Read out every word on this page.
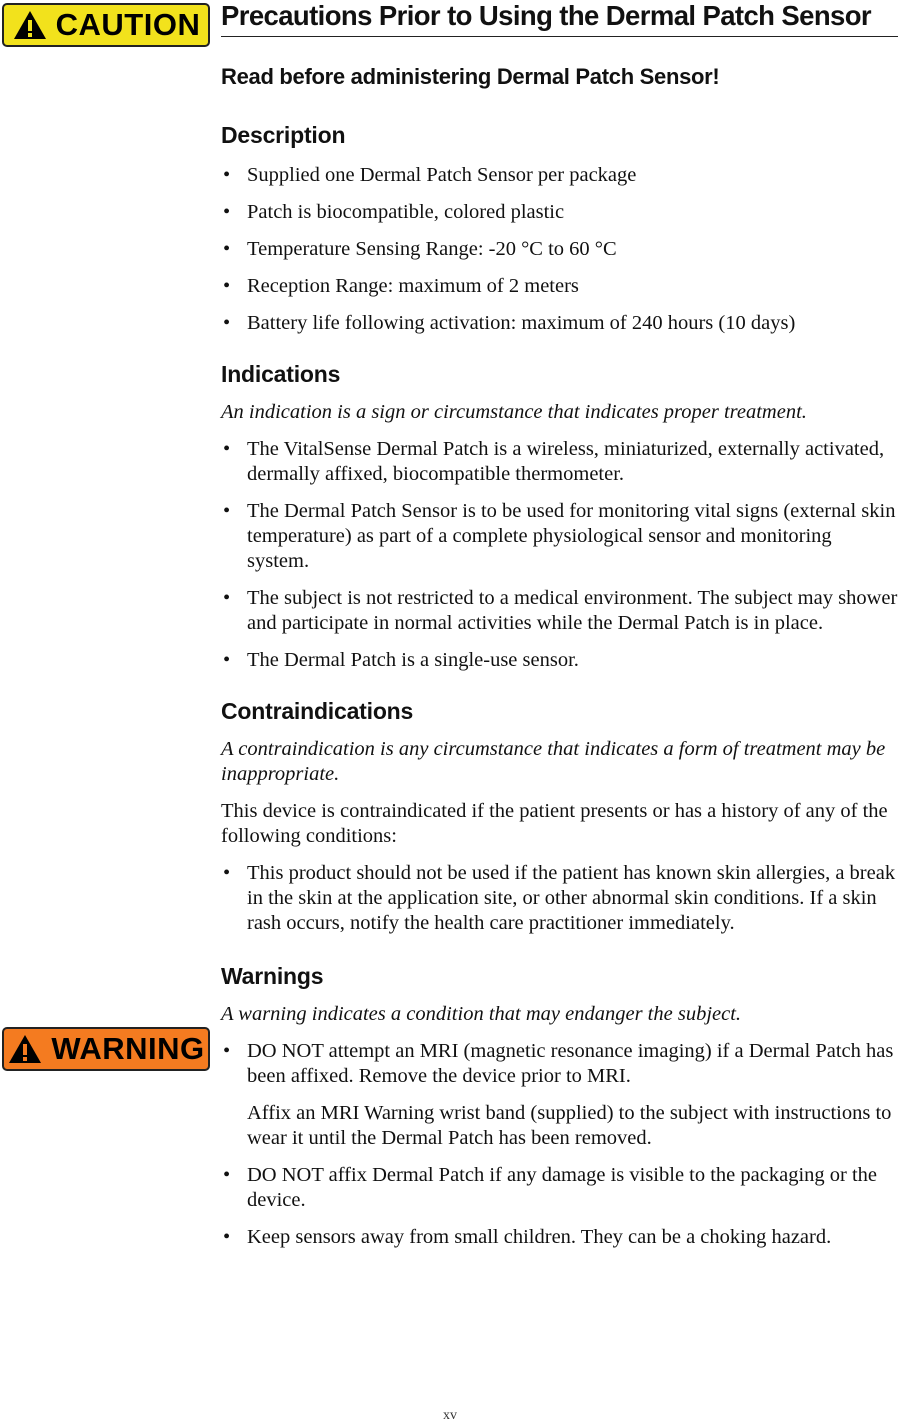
CAUTION
WARNING
Precautions Prior to Using the Dermal Patch Sensor
Read before administering Dermal Patch Sensor!
Description
• Supplied one Dermal Patch Sensor per package
• Patch is biocompatible, colored plastic
• Temperature Sensing Range: -20 °C to 60 °C
• Reception Range: maximum of 2 meters
• Battery life following activation: maximum of 240 hours (10 days)
Indications

An indication is a sign or circumstance that indicates proper treatment.

• The VitalSense Dermal Patch is a wireless, miniaturized, externally activated, dermally affixed, biocompatible thermometer.
• The Dermal Patch Sensor is to be used for monitoring vital signs (external skin temperature) as part of a complete physiological sensor and monitoring system.
• The subject is not restricted to a medical environment. The subject may shower and participate in normal activities while the Dermal Patch is in place.
• The Dermal Patch is a single-use sensor.
Contraindications

A contraindication is any circumstance that indicates a form of treatment may be inappropriate.

This device is contraindicated if the patient presents or has a history of any of the following conditions:

• This product should not be used if the patient has known skin allergies, a break in the skin at the application site, or other abnormal skin conditions. If a skin rash occurs, notify the health care practitioner immediately.
Warnings

A warning indicates a condition that may endanger the subject.

• DO NOT attempt an MRI (magnetic resonance imaging) if a Dermal Patch has been affixed. Remove the device prior to MRI.
Affix an MRI Warning wrist band (supplied) to the subject with instructions to wear it until the Dermal Patch has been removed.
• DO NOT affix Dermal Patch if any damage is visible to the packaging or the device.
• Keep sensors away from small children. They can be a choking hazard.
xv
